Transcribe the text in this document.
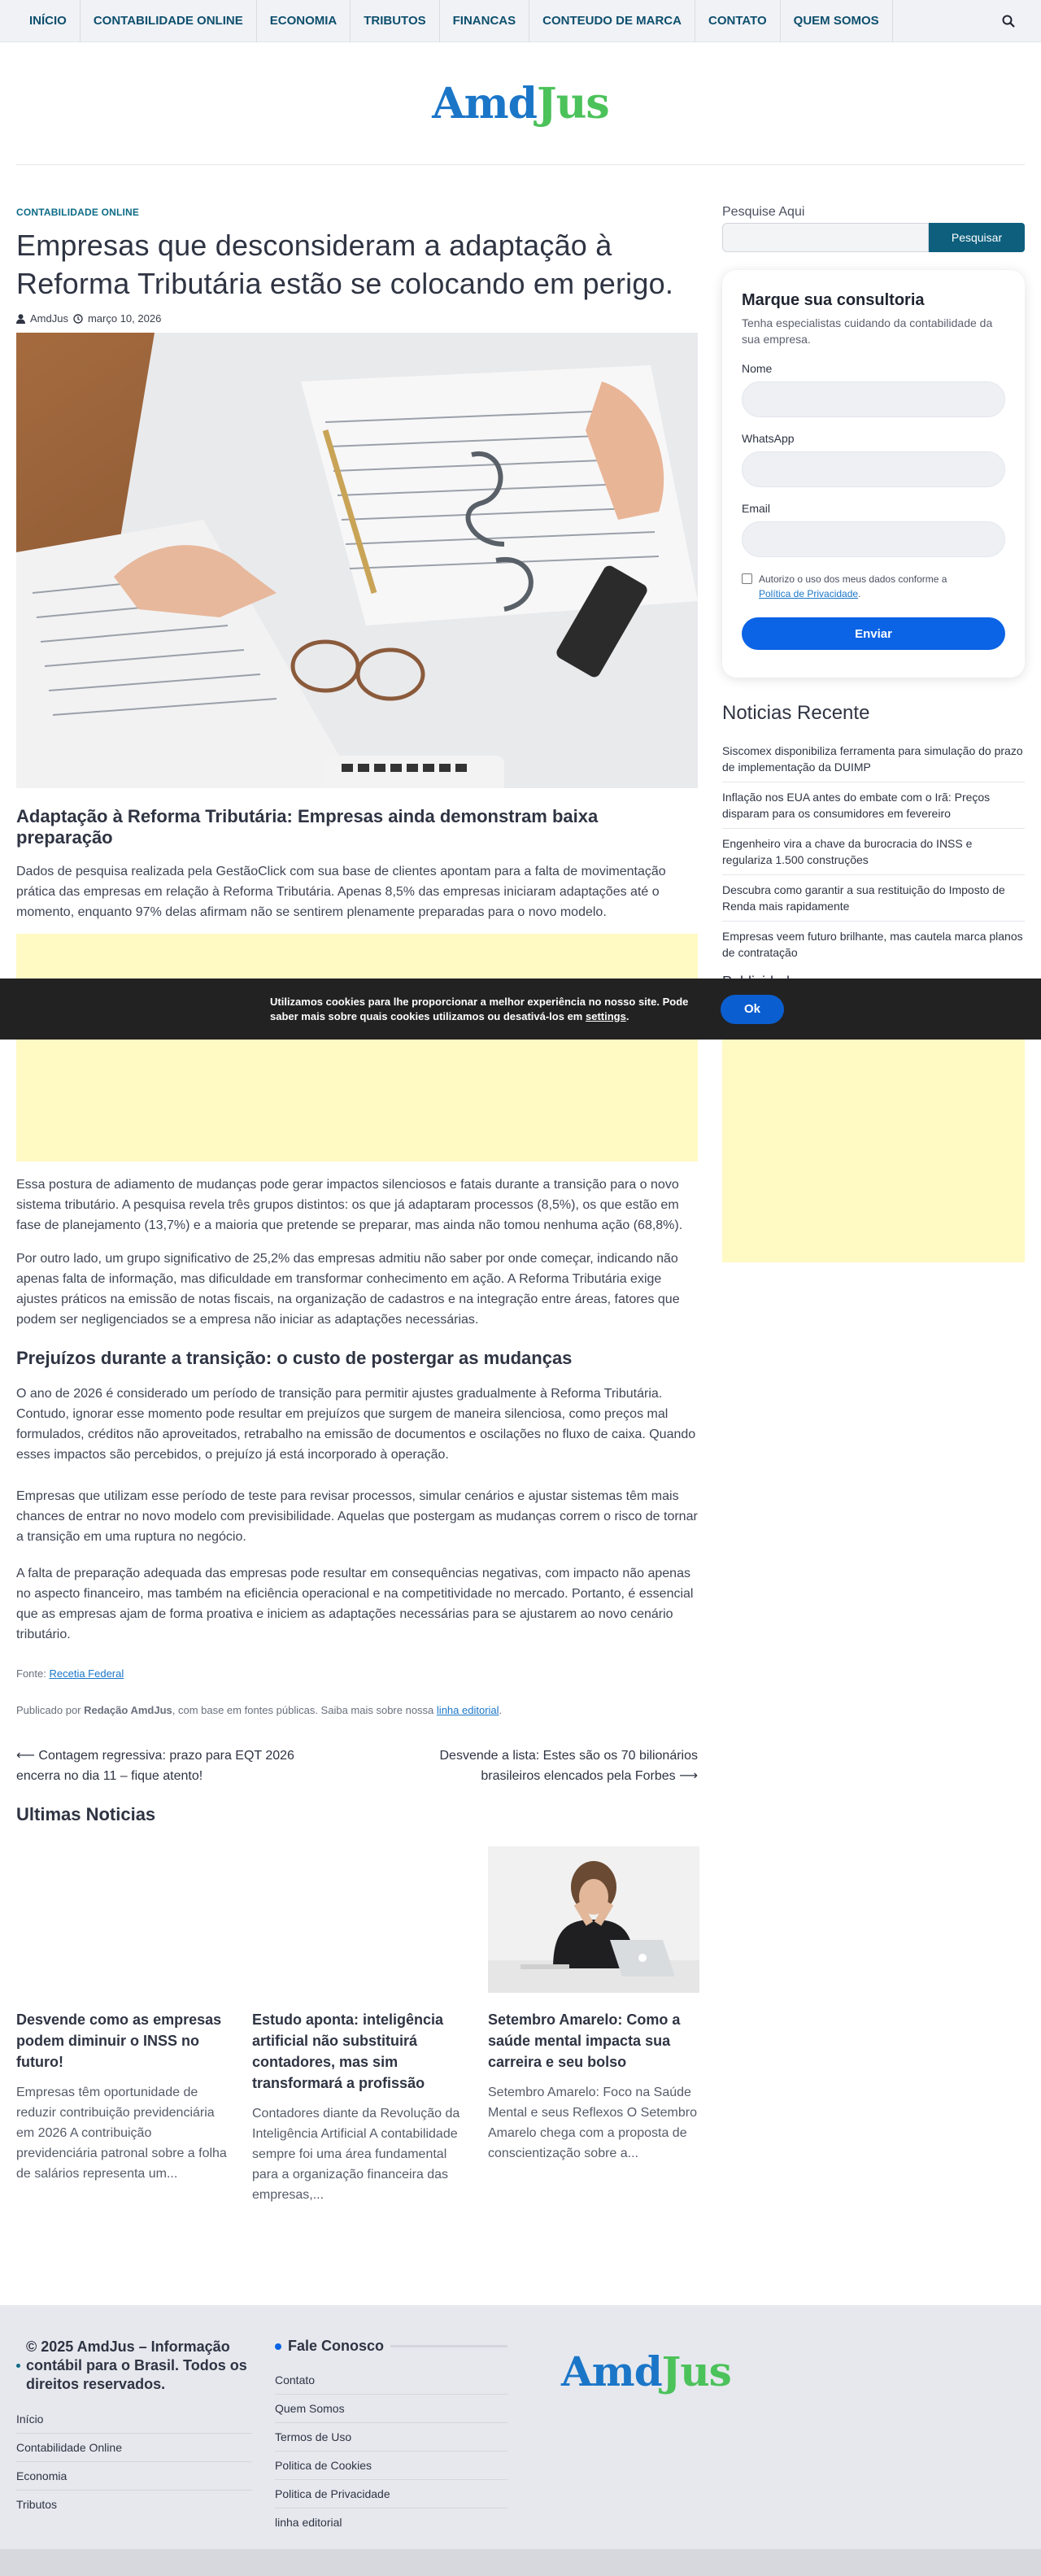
INÍCIO	CONTABILIDADE ONLINE	ECONOMIA	TRIBUTOS	FINANCAS	CONTEUDO DE MARCA	CONTATO	QUEM SOMOS
AmdJus
CONTABILIDADE ONLINE
Empresas que desconsideram a adaptação à Reforma Tributária estão se colocando em perigo.
AmdJus março 10, 2026
Adaptação à Reforma Tributária: Empresas ainda demonstram baixa preparação

Dados de pesquisa realizada pela GestãoClick com sua base de clientes apontam para a falta de movimentação prática das empresas em relação à Reforma Tributária. Apenas 8,5% das empresas iniciaram adaptações até o momento, enquanto 97% delas afirmam não se sentirem plenamente preparadas para o novo modelo.

Essa postura de adiamento de mudanças pode gerar impactos silenciosos e fatais durante a transição para o novo sistema tributário. A pesquisa revela três grupos distintos: os que já adaptaram processos (8,5%), os que estão em fase de planejamento (13,7%) e a maioria que pretende se preparar, mas ainda não tomou nenhuma ação (68,8%).

Por outro lado, um grupo significativo de 25,2% das empresas admitiu não saber por onde começar, indicando não apenas falta de informação, mas dificuldade em transformar conhecimento em ação. A Reforma Tributária exige ajustes práticos na emissão de notas fiscais, na organização de cadastros e na integração entre áreas, fatores que podem ser negligenciados se a empresa não iniciar as adaptações necessárias.

Prejuízos durante a transição: o custo de postergar as mudanças

O ano de 2026 é considerado um período de transição para permitir ajustes gradualmente à Reforma Tributária. Contudo, ignorar esse momento pode resultar em prejuízos que surgem de maneira silenciosa, como preços mal formulados, créditos não aproveitados, retrabalho na emissão de documentos e oscilações no fluxo de caixa. Quando esses impactos são percebidos, o prejuízo já está incorporado à operação.

Empresas que utilizam esse período de teste para revisar processos, simular cenários e ajustar sistemas têm mais chances de entrar no novo modelo com previsibilidade. Aquelas que postergam as mudanças correm o risco de tornar a transição em uma ruptura no negócio.

A falta de preparação adequada das empresas pode resultar em consequências negativas, com impacto não apenas no aspecto financeiro, mas também na eficiência operacional e na competitividade no mercado. Portanto, é essencial que as empresas ajam de forma proativa e iniciem as adaptações necessárias para se ajustarem ao novo cenário tributário.

Fonte: Recetia Federal
Publicado por Redação AmdJus, com base em fontes públicas. Saiba mais sobre nossa linha editorial.
⟵ Contagem regressiva: prazo para EQT 2026 encerra no dia 11 – fique atento!
Desvende a lista: Estes são os 70 bilionários brasileiros elencados pela Forbes ⟶
Ultimas Noticias
Desvende como as empresas podem diminuir o INSS no futuro!

Empresas têm oportunidade de reduzir contribuição previdenciária em 2026 A contribuição previdenciária patronal sobre a folha de salários representa um...

Estudo aponta: inteligência artificial não substituirá contadores, mas sim transformará a profissão

Contadores diante da Revolução da Inteligência Artificial A contabilidade sempre foi uma área fundamental para a organização financeira das empresas,...

Setembro Amarelo: Como a saúde mental impacta sua carreira e seu bolso

Setembro Amarelo: Foco na Saúde Mental e seus Reflexos O Setembro Amarelo chega com a proposta de conscientização sobre a...

Pesquise Aqui
Pesquisar
Marque sua consultoria
Tenha especialistas cuidando da contabilidade da sua empresa.
Nome
WhatsApp
Email
Autorizo o uso dos meus dados conforme a
Política de Privacidade.
Enviar
Noticias Recente
Siscomex disponibiliza ferramenta para simulação do prazo de implementação da DUIMP
Inflação nos EUA antes do embate com o Irã: Preços disparam para os consumidores em fevereiro
Engenheiro vira a chave da burocracia do INSS e regulariza 1.500 construções
Descubra como garantir a sua restituição do Imposto de Renda mais rapidamente
Empresas veem futuro brilhante, mas cautela marca planos de contratação
Utilizamos cookies para lhe proporcionar a melhor experiência no nosso site. Pode saber mais sobre quais cookies utilizamos ou desativá-los em settings.	Ok
© 2025 AmdJus – Informação contábil para o Brasil. Todos os direitos reservados.
Início
Contabilidade Online
Economia
Tributos
Fale Conosco
Contato
Quem Somos
Termos de Uso
Politica de Cookies
Politica de Privacidade
linha editorial
AmdJus
